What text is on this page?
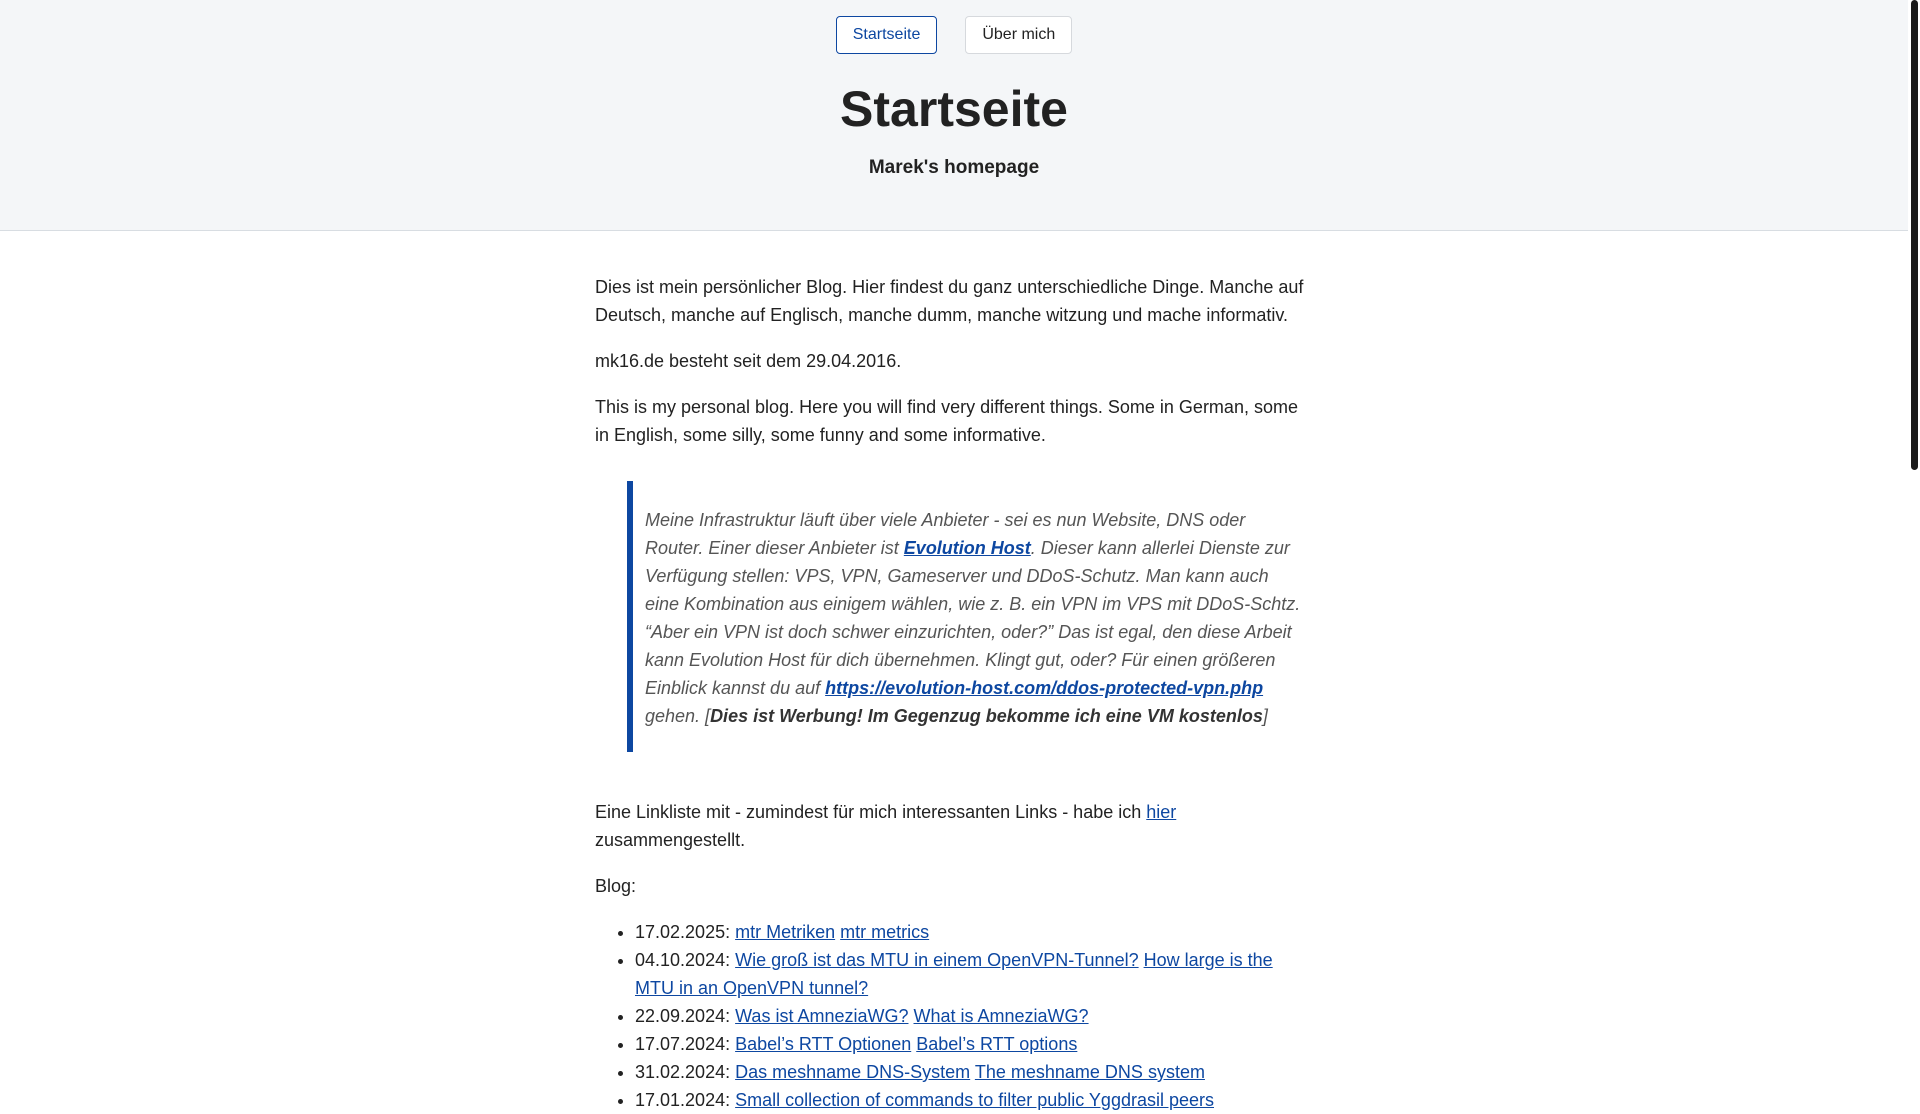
Startseite	Über mich
Startseite

Marek's homepage

Dies ist mein persönlicher Blog. Hier findest du ganz unterschiedliche Dinge. Manche auf Deutsch, manche auf Englisch, manche dumm, manche witzung und mache informativ.

mk16.de besteht seit dem 29.04.2016.

This is my personal blog. Here you will find very different things. Some in German, some in English, some silly, some funny and some informative.

Meine Infrastruktur läuft über viele Anbieter - sei es nun Website, DNS oder Router. Einer dieser Anbieter ist Evolution Host. Dieser kann allerlei Dienste zur Verfügung stellen: VPS, VPN, Gameserver und DDoS-Schutz. Man kann auch eine Kombination aus einigem wählen, wie z. B. ein VPN im VPS mit DDoS-Schtz. “Aber ein VPN ist doch schwer einzurichten, oder?” Das ist egal, den diese Arbeit kann Evolution Host für dich übernehmen. Klingt gut, oder? Für einen größeren Einblick kannst du auf https://evolution-host.com/ddos-protected-vpn.php gehen. [Dies ist Werbung! Im Gegenzug bekomme ich eine VM kostenlos]

Eine Linkliste mit - zumindest für mich interessanten Links - habe ich hier
zusammengestellt.

Blog:

• 17.02.2025: mtr Metriken mtr metrics
• 04.10.2024: Wie groß ist das MTU in einem OpenVPN-Tunnel? How large is the MTU in an OpenVPN tunnel?
• 22.09.2024: Was ist AmneziaWG? What is AmneziaWG?
• 17.07.2024: Babel’s RTT Optionen Babel’s RTT options
• 31.02.2024: Das meshname DNS-System The meshname DNS system
• 17.01.2024: Small collection of commands to filter public Yggdrasil peers
